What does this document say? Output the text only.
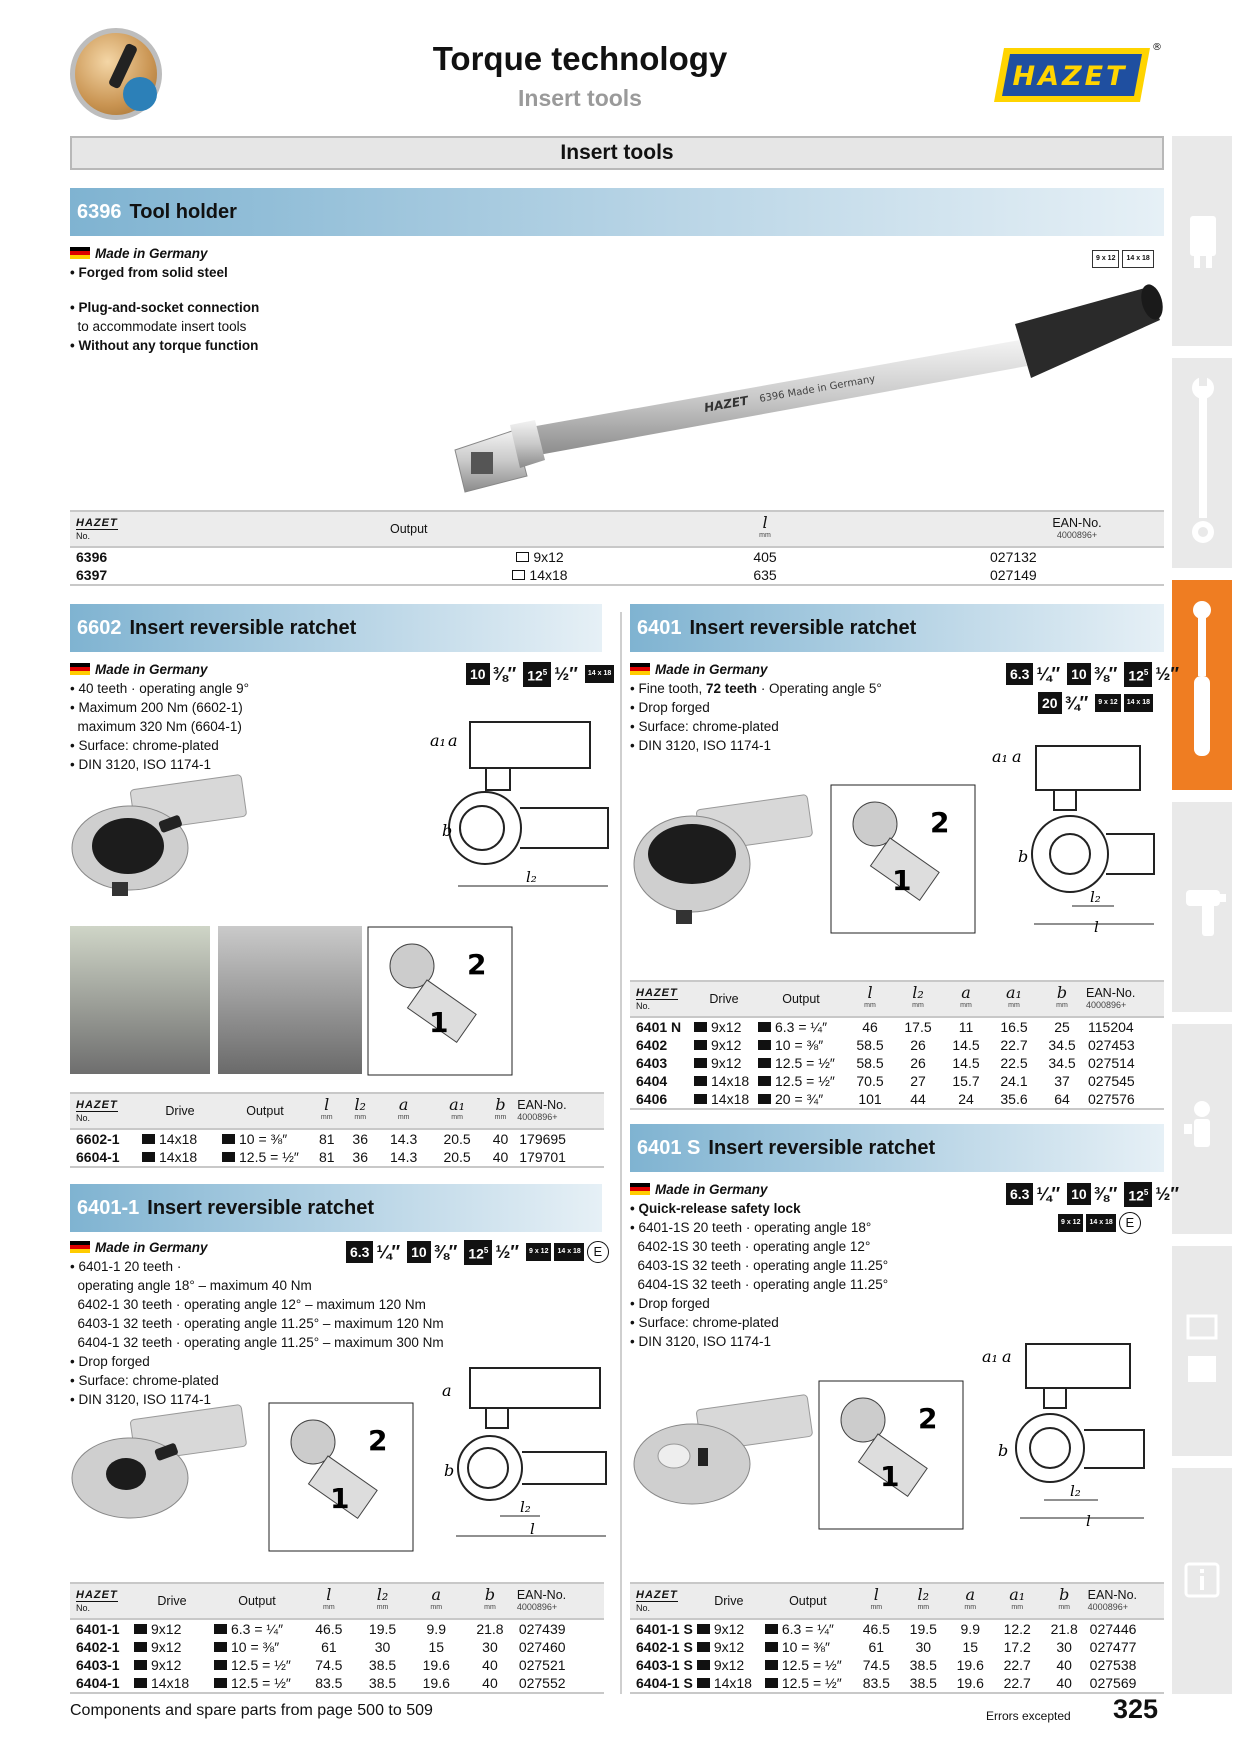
Torque technology
Insert tools
HAZET
®
Insert tools
6396 Tool holder
Made in Germany
• Forged from solid steel
• Plug-and-socket connection
to accommodate insert tools
• Without any torque function
9 x 12	14 x 18
HAZET 6396 Made in Germany
HAZET
No.	Output	l
mm	EAN-No.
4000896+

6396	9x12	405	027132
6397	14x18	635	027149
6602 Insert reversible ratchet
Made in Germany
• 40 teeth · operating angle 9°
• Maximum 200 Nm (6602-1)
maximum 320 Nm (6604-1)
• Surface: chrome-plated
• DIN 3120, ISO 1174-1
10 ⅜″ $12^5$ ½″	14 x 18
a₁ a
b
l₂
2
1
HAZET
No.	Drive	Output	l
mm	l₂
mm	a
mm	a₁
mm	b
mm	EAN-No.
4000896+

6602-1	14x18	10 = ⅜″	81	36	14.3	20.5	40	179695
6604-1	14x18	12.5 = ½″	81	36	14.3	20.5	40	179701
6401-1 Insert reversible ratchet
Made in Germany
• 6401-1 20 teeth ·
operating angle 18° – maximum 40 Nm
6402-1 30 teeth · operating angle 12° – maximum 120 Nm
6403-1 32 teeth · operating angle 11.25° – maximum 120 Nm
6404-1 32 teeth · operating angle 11.25° – maximum 300 Nm
• Drop forged
• Surface: chrome-plated
• DIN 3120, ISO 1174-1
6.3 ¼″ 10 ⅜″ $12^5$ ½″	9 x 12	14 x 18 E
2
1
a
b
l₂
l
HAZET
No.	Drive	Output	l
mm	l₂
mm	a
mm	b
mm	EAN-No.
4000896+

6401-1	9x12	6.3 = ¼″	46.5	19.5	9.9	21.8	027439
6402-1	9x12	10 = ⅜″	61	30	15	30	027460
6403-1	9x12	12.5 = ½″	74.5	38.5	19.6	40	027521
6404-1	14x18	12.5 = ½″	83.5	38.5	19.6	40	027552
6401 Insert reversible ratchet
Made in Germany
• Fine tooth, 72 teeth · Operating angle 5°
• Drop forged
• Surface: chrome-plated
• DIN 3120, ISO 1174-1
6.3 ¼″ 10 ⅜″ $12^5$ ½″
20 ¾″	9 x 12	14 x 18
2
1
a₁ a
b
l₂
l
HAZET
No.	Drive	Output	l
mm	l₂
mm	a
mm	a₁
mm	b
mm	EAN-No.
4000896+

6401 N	9x12	6.3 = ¼″	46	17.5	11	16.5	25	115204
6402	9x12	10 = ⅜″	58.5	26	14.5	22.7	34.5	027453
6403	9x12	12.5 = ½″	58.5	26	14.5	22.5	34.5	027514
6404	14x18	12.5 = ½″	70.5	27	15.7	24.1	37	027545
6406	14x18	20 = ¾″	101	44	24	35.6	64	027576
6401 S Insert reversible ratchet
Made in Germany
• Quick-release safety lock
• 6401-1S 20 teeth · operating angle 18°
6402-1S 30 teeth · operating angle 12°
6403-1S 32 teeth · operating angle 11.25°
6404-1S 32 teeth · operating angle 11.25°
• Drop forged
• Surface: chrome-plated
• DIN 3120, ISO 1174-1
6.3 ¼″ 10 ⅜″ $12^5$ ½″
9 x 12	14 x 18 E
2
1
a₁ a
b
l₂
l
HAZET
No.	Drive	Output	l
mm	l₂
mm	a
mm	a₁
mm	b
mm	EAN-No.
4000896+

6401-1 S	9x12	6.3 = ¼″	46.5	19.5	9.9	12.2	21.8	027446
6402-1 S	9x12	10 = ⅜″	61	30	15	17.2	30	027477
6403-1 S	9x12	12.5 = ½″	74.5	38.5	19.6	22.7	40	027538
6404-1 S	14x18	12.5 = ½″	83.5	38.5	19.6	22.7	40	027569
Components and spare parts from page 500 to 509	Errors excepted 325
